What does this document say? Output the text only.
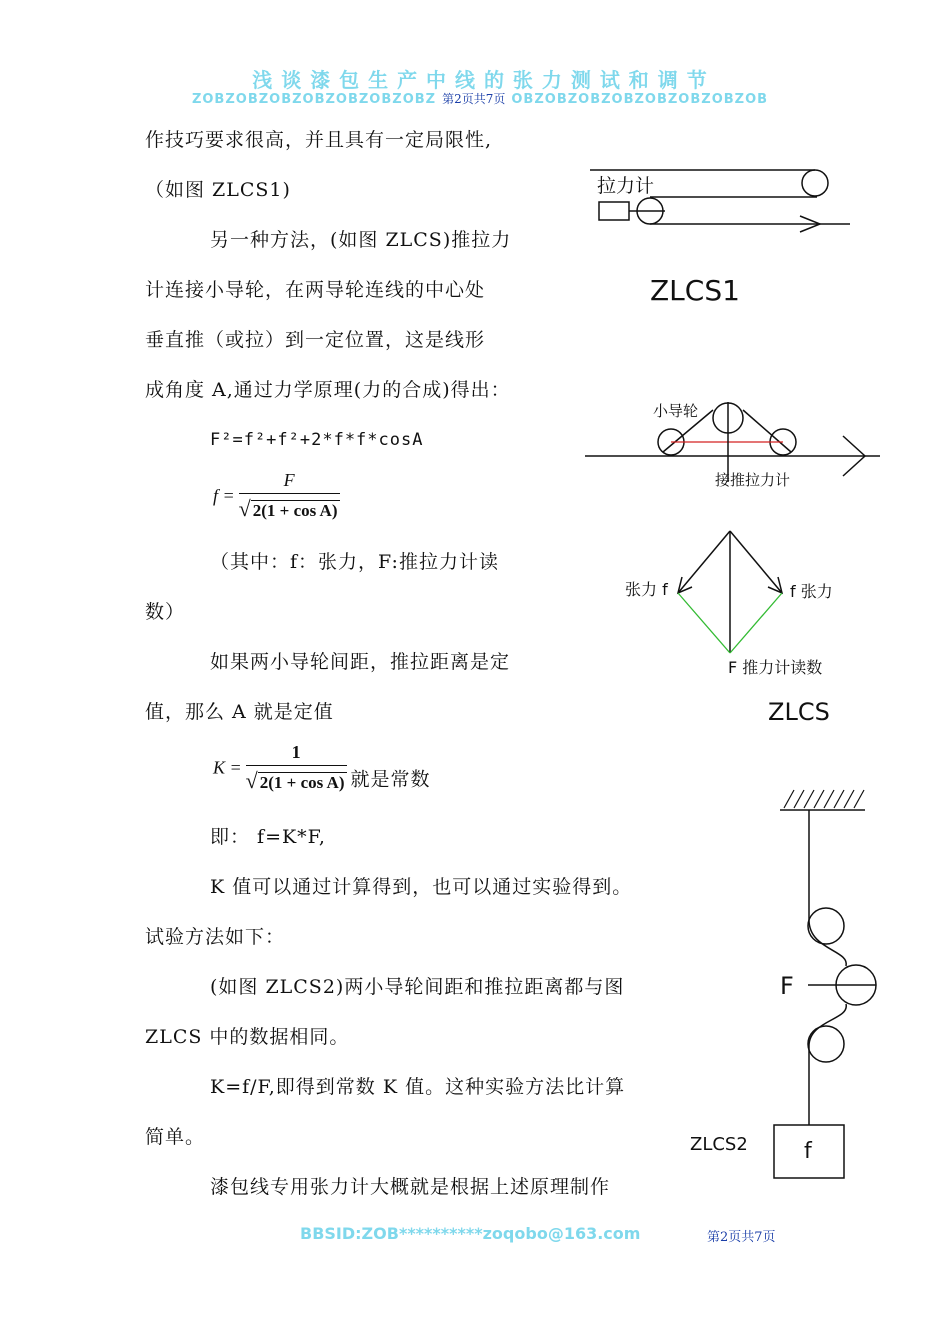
浅 谈 漆 包 生 产 中 线 的 张 力 测 试 和 调 节
ZOBZOBZOBZOBZOBZOBZOBZ 第2页共7页 OBZOBZOBZOBZOBZOBZOBZOB
作技巧要求很高，并且具有一定局限性,
（如图 ZLCS1)
另一种方法，(如图 ZLCS)推拉力
计连接小导轮，在两导轮连线的中心处
垂直推（或拉）到一定位置，这是线形
成角度 A,通过力学原理(力的合成)得出：
F²=f²+f²+2*f*f*cosA
$f = \frac{F}{\text{√ 2(1 + cos A)}}$
（其中：f：张力，F:推拉力计读
数）
如果两小导轮间距，推拉距离是定
值，那么 A 就是定值
$K = \frac{1}{\text{√ 2(1 + cos A)}}$ 就是常数
即： f=K*F,
K 值可以通过计算得到，也可以通过实验得到。
试验方法如下：
(如图 ZLCS2)两小导轮间距和推拉距离都与图
ZLCS 中的数据相同。
K=f/F,即得到常数 K 值。这种实验方法比计算
简单。
漆包线专用张力计大概就是根据上述原理制作
拉力计
ZLCS1
小导轮
接推拉力计
张力 f	f 张力
F 推力计读数
ZLCS
F
f
ZLCS2
BBSID:ZOB**********zoqobo@163.com	第2页共7页
